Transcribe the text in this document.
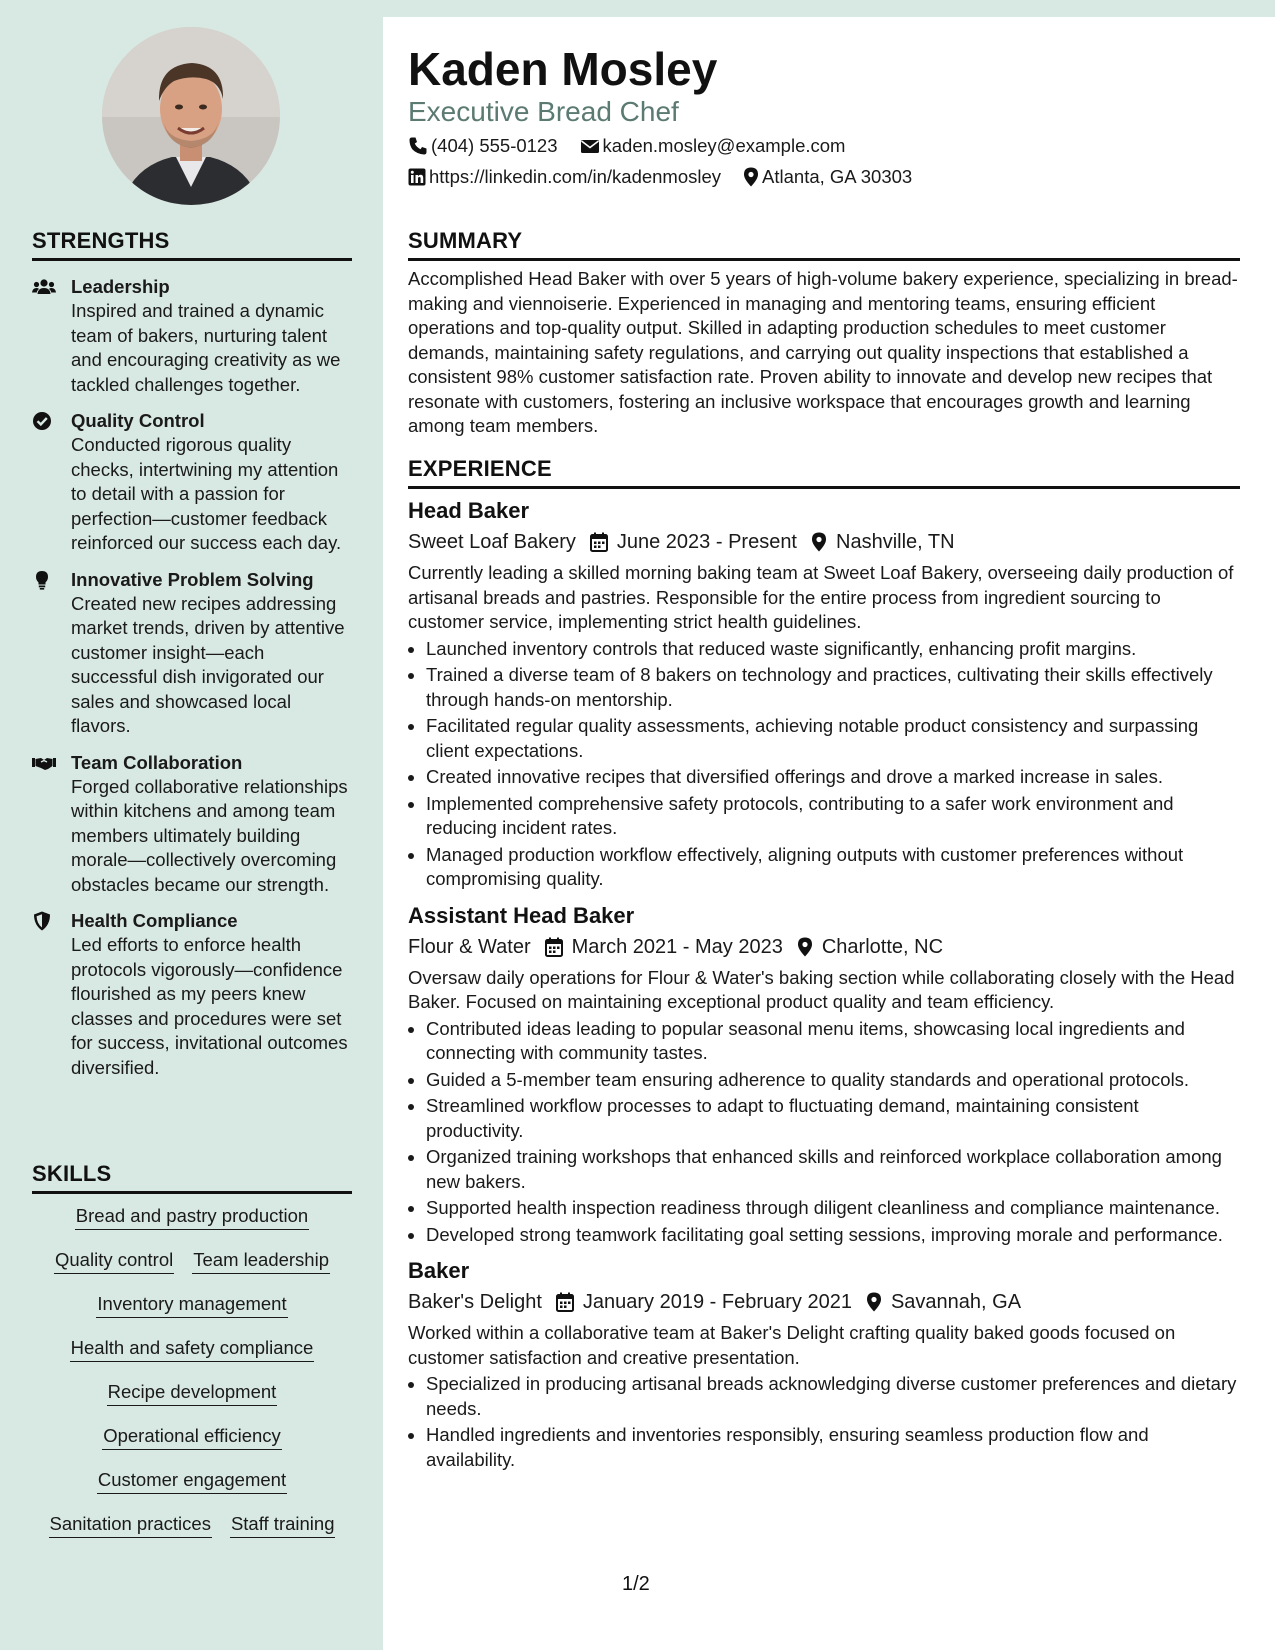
STRENGTHS
Leadership
Inspired and trained a dynamic team of bakers, nurturing talent and encouraging creativity as we tackled challenges together.
Quality Control
Conducted rigorous quality checks, intertwining my attention to detail with a passion for perfection—customer feedback reinforced our success each day.
Innovative Problem Solving
Created new recipes addressing market trends, driven by attentive customer insight—each successful dish invigorated our sales and showcased local flavors.
Team Collaboration
Forged collaborative relationships within kitchens and among team members ultimately building morale—collectively overcoming obstacles became our strength.
Health Compliance
Led efforts to enforce health protocols vigorously—confidence flourished as my peers knew classes and procedures were set for success, invitational outcomes diversified.
SKILLS
Bread and pastry production
Quality control Team leadership
Inventory management
Health and safety compliance
Recipe development
Operational efficiency
Customer engagement
Sanitation practices Staff training
Kaden Mosley
Executive Bread Chef
(404) 555-0123 kaden.mosley@example.com
https://linkedin.com/in/kadenmosley Atlanta, GA 30303
SUMMARY
Accomplished Head Baker with over 5 years of high-volume bakery experience, specializing in bread-making and viennoiserie. Experienced in managing and mentoring teams, ensuring efficient operations and top-quality output. Skilled in adapting production schedules to meet customer demands, maintaining safety regulations, and carrying out quality inspections that established a consistent 98% customer satisfaction rate. Proven ability to innovate and develop new recipes that resonate with customers, fostering an inclusive workspace that encourages growth and learning among team members.
EXPERIENCE
Head Baker
Sweet Loaf Bakery June 2023 - Present Nashville, TN
Currently leading a skilled morning baking team at Sweet Loaf Bakery, overseeing daily production of artisanal breads and pastries. Responsible for the entire process from ingredient sourcing to customer service, implementing strict health guidelines.
• Launched inventory controls that reduced waste significantly, enhancing profit margins.
• Trained a diverse team of 8 bakers on technology and practices, cultivating their skills effectively through hands-on mentorship.
• Facilitated regular quality assessments, achieving notable product consistency and surpassing client expectations.
• Created innovative recipes that diversified offerings and drove a marked increase in sales.
• Implemented comprehensive safety protocols, contributing to a safer work environment and reducing incident rates.
• Managed production workflow effectively, aligning outputs with customer preferences without compromising quality.
Assistant Head Baker
Flour & Water March 2021 - May 2023 Charlotte, NC
Oversaw daily operations for Flour & Water's baking section while collaborating closely with the Head Baker. Focused on maintaining exceptional product quality and team efficiency.
• Contributed ideas leading to popular seasonal menu items, showcasing local ingredients and connecting with community tastes.
• Guided a 5-member team ensuring adherence to quality standards and operational protocols.
• Streamlined workflow processes to adapt to fluctuating demand, maintaining consistent productivity.
• Organized training workshops that enhanced skills and reinforced workplace collaboration among new bakers.
• Supported health inspection readiness through diligent cleanliness and compliance maintenance.
• Developed strong teamwork facilitating goal setting sessions, improving morale and performance.
Baker
Baker's Delight January 2019 - February 2021 Savannah, GA
Worked within a collaborative team at Baker's Delight crafting quality baked goods focused on customer satisfaction and creative presentation.
• Specialized in producing artisanal breads acknowledging diverse customer preferences and dietary needs.
• Handled ingredients and inventories responsibly, ensuring seamless production flow and availability.
1/2
